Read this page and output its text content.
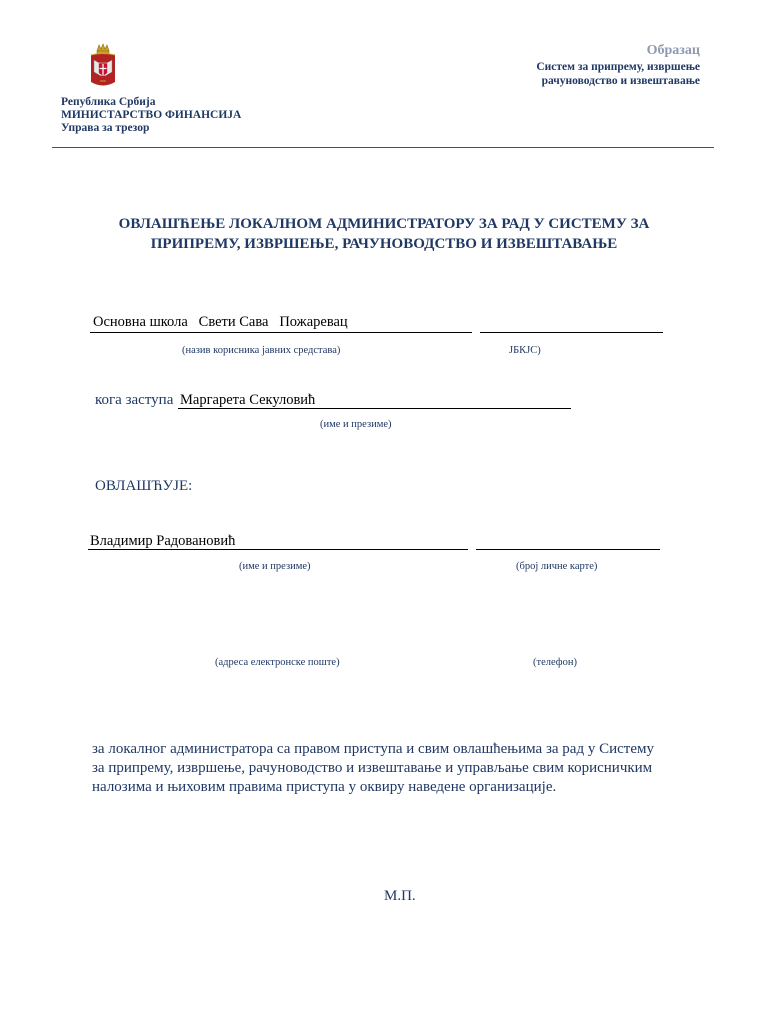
Република Србија
МИНИСТАРСТВО ФИНАНСИЈА
Управа за трезор
Образац
Систем за припрему, извршење
рачуноводство и извештавање
ОВЛАШЋЕЊЕ ЛОКАЛНОМ АДМИНИСТРАТОРУ ЗА РАД У СИСТЕМУ ЗА
ПРИПРЕМУ, ИЗВРШЕЊЕ, РАЧУНОВОДСТВО И ИЗВЕШТАВАЊЕ
Основна школа   Свети Сава   Пожаревац
(назив корисника јавних средстава)	ЈБКЈС)
кога заступа Маргарета Секуловић
(име и презиме)
ОВЛАШЋУЈЕ:
Владимир Радовановић
(име и презиме)	(број личне карте)
(адреса електронске поште)	(телефон)
за локалног администратора са правом приступа и свим овлашћењима за рад у Систему
за припрему, извршење, рачуноводство и извештавање и управљање свим корисничким
налозима и њиховим правима приступа у оквиру наведене организације.
М.П.
